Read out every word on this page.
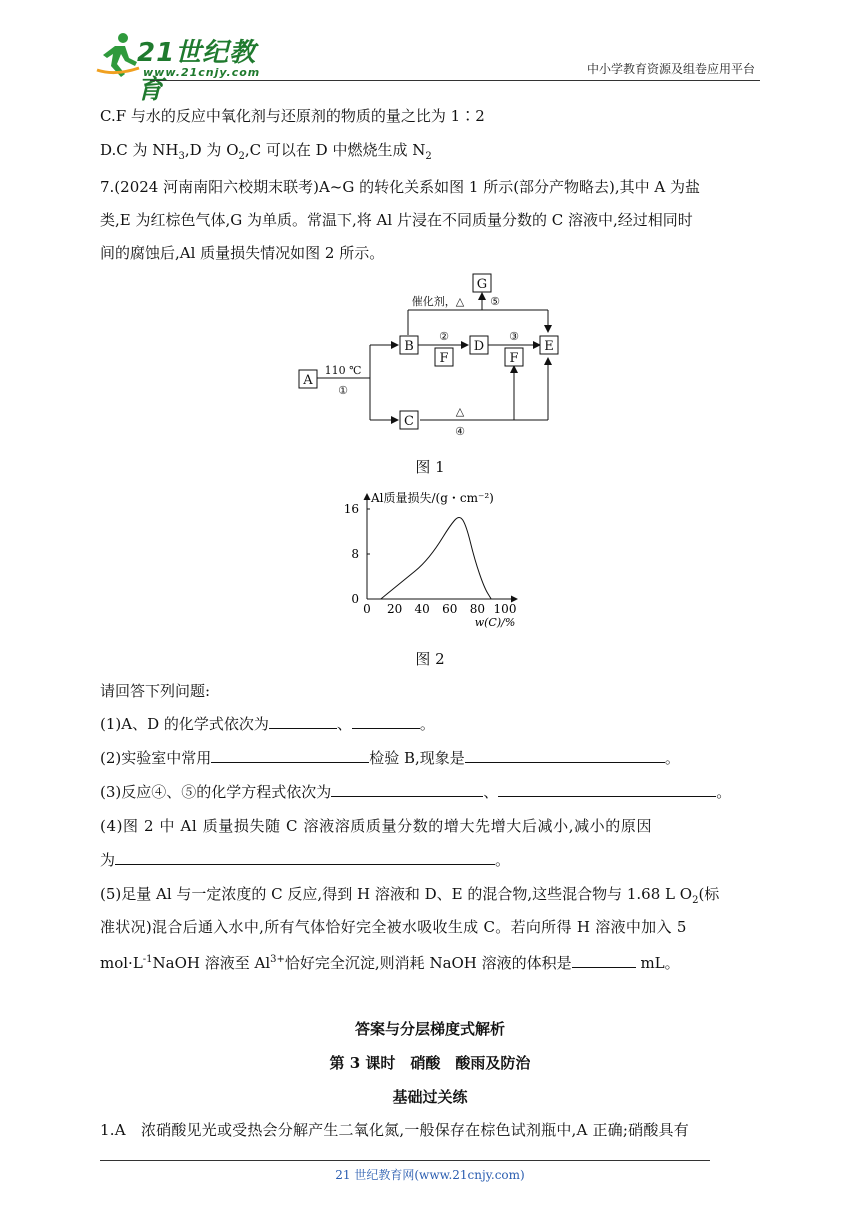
21世纪教育
www.21cnjy.com	中小学教育资源及组卷应用平台
C.F 与水的反应中氧化剂与还原剂的物质的量之比为 1∶2
D.C 为 $NH_3,D$ 为 $O_2,C$ 可以在 D 中燃烧生成 $N_2$
7.(2024 河南南阳六校期末联考)A~G 的转化关系如图 1 所示(部分产物略去),其中 A 为盐
类,E 为红棕色气体,G 为单质。常温下,将 Al 片浸在不同质量分数的 C 溶液中,经过相同时
间的腐蚀后,Al 质量损失情况如图 2 所示。
A
B	D	E
C
G
F	F
110 ℃
①
②	③
④
⑤
催化剂，△
△
图 1
Al质量损失/(g・cm⁻²)
w(C)/%
0 20 40 60 80 100
0
8
16
图 2
请回答下列问题:
(1)A、D 的化学式依次为	、	。
(2)实验室中常用	检验 B,现象是	。
(3)反应④、⑤的化学方程式依次为	、	。
(4)图 2 中 Al 质量损失随 C 溶液溶质质量分数的增大先增大后减小,减小的原因
为	。
(5)足量 Al 与一定浓度的 C 反应,得到 H 溶液和 D、E 的混合物,这些混合物与 1.68 L $O_2$(标
准状况)混合后通入水中,所有气体恰好完全被水吸收生成 C。若向所得 H 溶液中加入 5
$mol\cdot L^{-1}NaOH$ 溶液至 $Al^{3+}$恰好完全沉淀,则消耗 NaOH 溶液的体积是	mL。
答案与分层梯度式解析
第 3 课时　硝酸　酸雨及防治
基础过关练
1.A　浓硝酸见光或受热会分解产生二氧化氮,一般保存在棕色试剂瓶中,A 正确;硝酸具有
21 世纪教育网(www.21cnjy.com)
